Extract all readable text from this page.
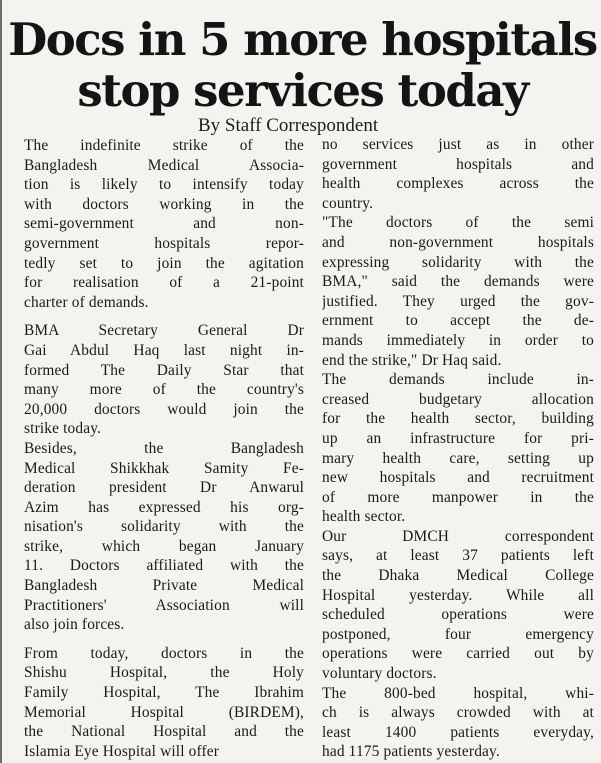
Docs in 5 more hospitals
stop services today
By Staff Correspondent
The indefinite strike of the
Bangladesh Medical Associa-
tion is likely to intensify today
with doctors working in the
semi-government and non-
government hospitals repor-
tedly set to join the agitation
for realisation of a 21-point
charter of demands.
BMA Secretary General Dr
Gai Abdul Haq last night in-
formed The Daily Star that
many more of the country's
20,000 doctors would join the
strike today.
Besides, the Bangladesh
Medical Shikkhak Samity Fe-
deration president Dr Anwarul
Azim has expressed his org-
nisation's solidarity with the
strike, which began January
11. Doctors affiliated with the
Bangladesh Private Medical
Practitioners' Association will
also join forces.
From today, doctors in the
Shishu Hospital, the Holy
Family Hospital, The Ibrahim
Memorial Hospital (BIRDEM),
the National Hospital and the
Islamia Eye Hospital will offer
no services just as in other
government hospitals and
health complexes across the
country.
"The doctors of the semi
and non-government hospitals
expressing solidarity with the
BMA," said the demands were
justified. They urged the gov-
ernment to accept the de-
mands immediately in order to
end the strike," Dr Haq said.
The demands include in-
creased budgetary allocation
for the health sector, building
up an infrastructure for pri-
mary health care, setting up
new hospitals and recruitment
of more manpower in the
health sector.
Our DMCH correspondent
says, at least 37 patients left
the Dhaka Medical College
Hospital yesterday. While all
scheduled operations were
postponed, four emergency
operations were carried out by
voluntary doctors.
The 800-bed hospital, whi-
ch is always crowded with at
least 1400 patients everyday,
had 1175 patients yesterday.
